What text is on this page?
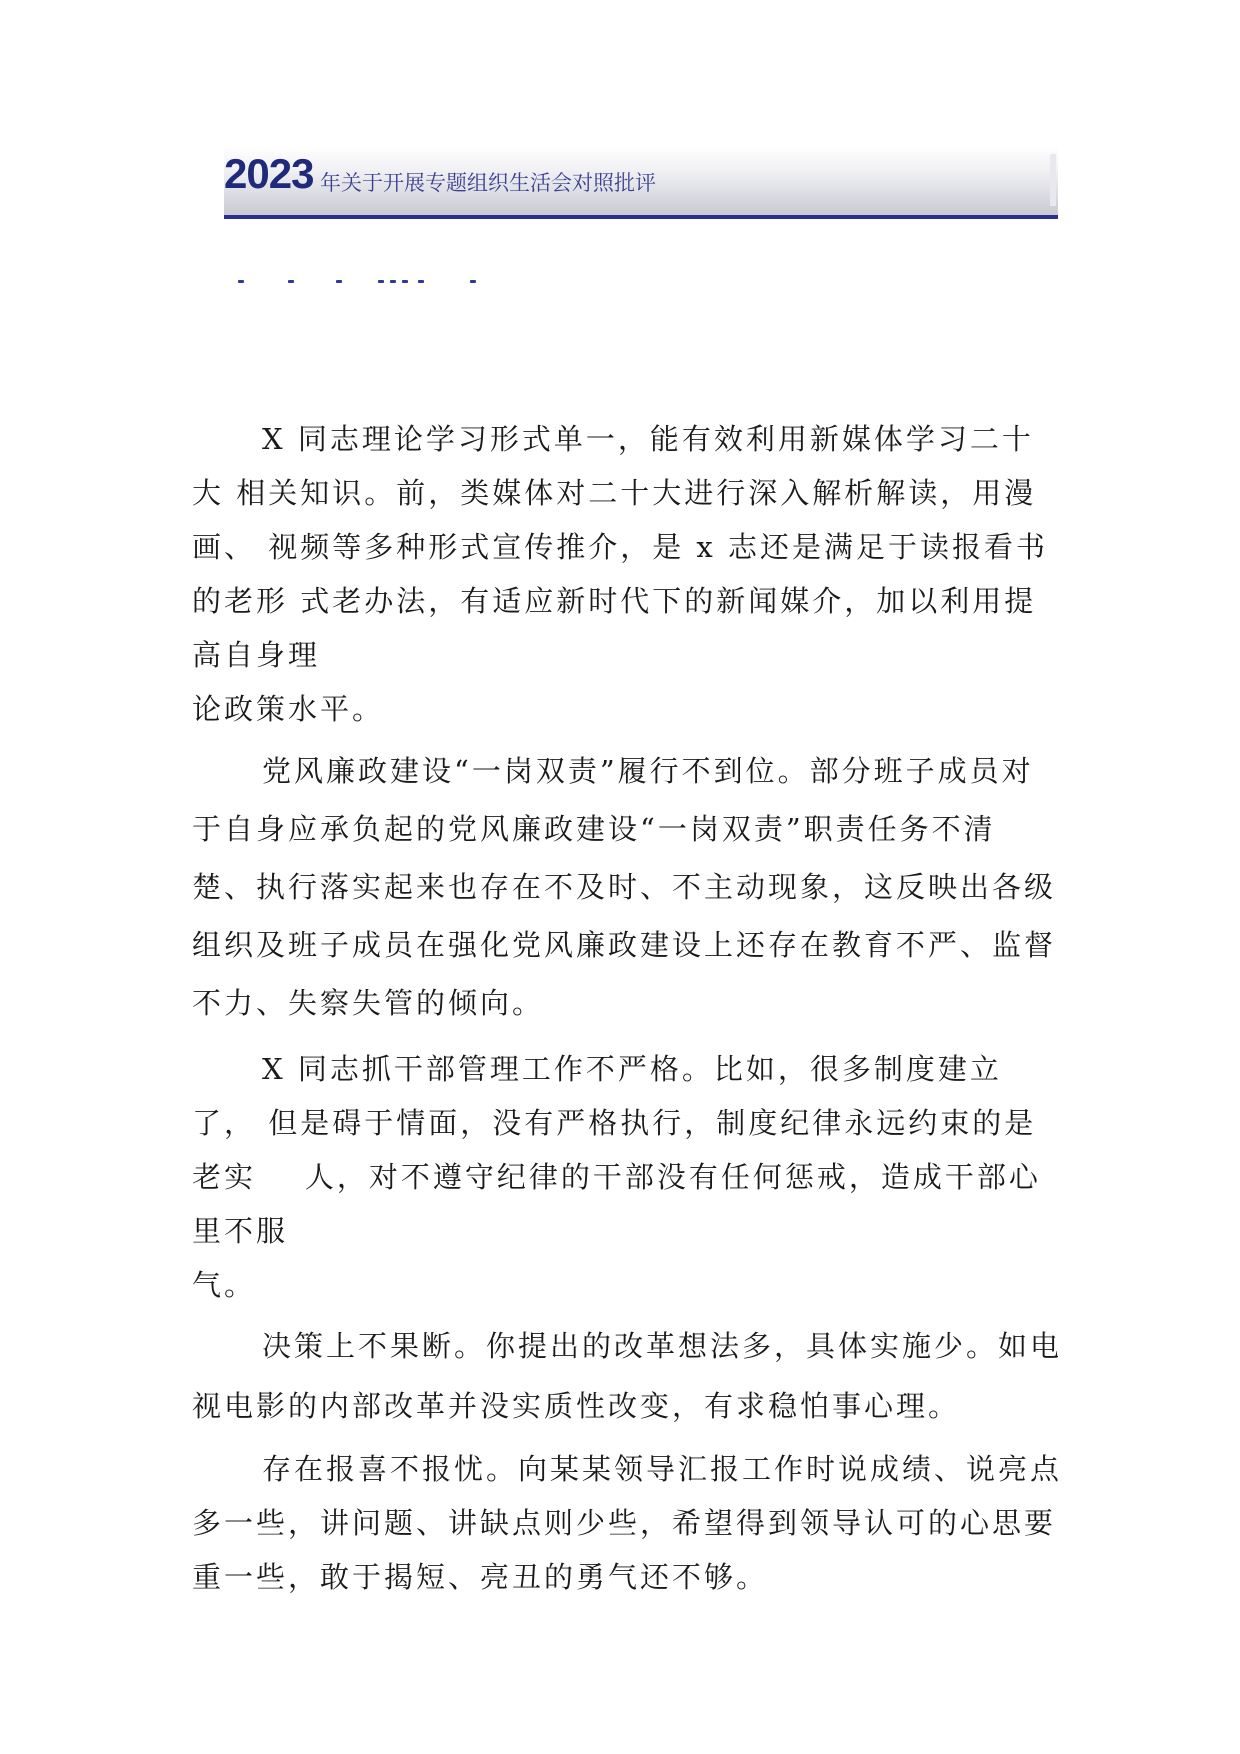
2023 年关于开展专题组织生活会对照批评

X 同志理论学习形式单一，能有效利用新媒体学习二十

大 相关知识。前，类媒体对二十大进行深入解析解读，用漫

画、 视频等多种形式宣传推介，是 x 志还是满足于读报看书

的老形 式老办法，有适应新时代下的新闻媒介，加以利用提

高自身理

论政策水平。

党风廉政建设“一岗双责”履行不到位。部分班子成员对

于自身应承负起的党风廉政建设“一岗双责”职责任务不清

楚、执行落实起来也存在不及时、不主动现象，这反映出各级

组织及班子成员在强化党风廉政建设上还存在教育不严、监督

不力、失察失管的倾向。

X 同志抓干部管理工作不严格。比如，很多制度建立

了， 但是碍于情面，没有严格执行，制度纪律永远约束的是

老实    人，对不遵守纪律的干部没有任何惩戒，造成干部心

里不服

气。

决策上不果断。你提出的改革想法多，具体实施少。如电

视电影的内部改革并没实质性改变，有求稳怕事心理。

存在报喜不报忧。向某某领导汇报工作时说成绩、说亮点

多一些，讲问题、讲缺点则少些，希望得到领导认可的心思要

重一些，敢于揭短、亮丑的勇气还不够。
